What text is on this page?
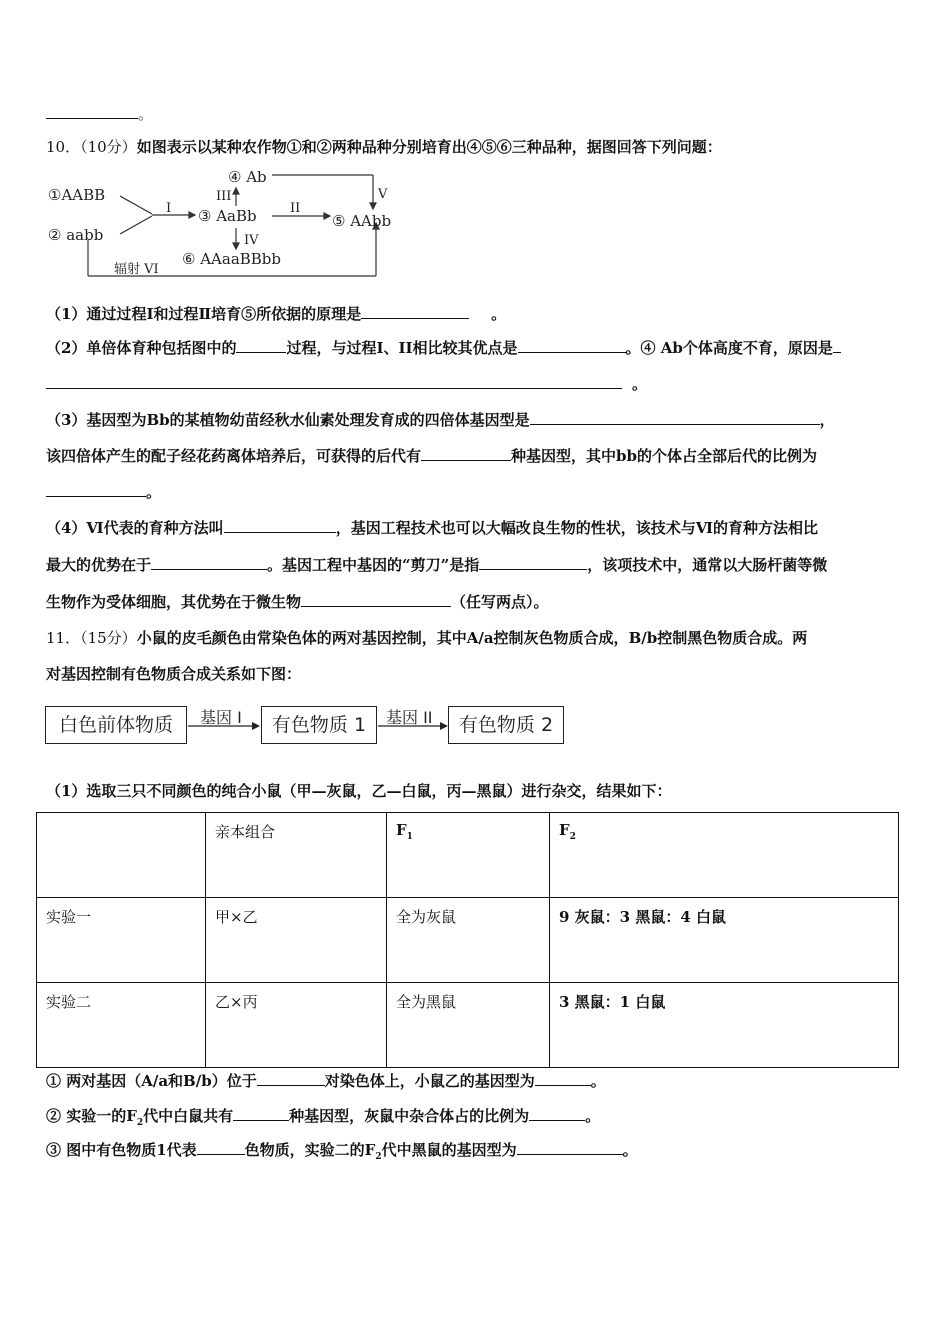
。
10．（10分）如图表示以某种农作物①和②两种品种分别培育出④⑤⑥三种品种，据图回答下列问题：
①AABB
② aabb
③ AaBb
④ Ab
⑤ AAbb
⑥ AAaaBBbb
I	II
III
IV
V
辐射 VI
（1）通过过程Ⅰ和过程Ⅱ培育⑤所依据的原理是	。
（2）单倍体育种包括图中的	过程，与过程I、II相比较其优点是	。④ Ab个体高度不育，原因是
。
（3）基因型为Bb的某植物幼苗经秋水仙素处理发育成的四倍体基因型是	，
该四倍体产生的配子经花药离体培养后，可获得的后代有	种基因型，其中bb的个体占全部后代的比例为
。
（4）Ⅵ代表的育种方法叫	，基因工程技术也可以大幅改良生物的性状，该技术与Ⅵ的育种方法相比
最大的优势在于	。基因工程中基因的“剪刀”是指	，该项技术中，通常以大肠杆菌等微
生物作为受体细胞，其优势在于微生物	（任写两点）。
11．（15分）小鼠的皮毛颜色由常染色体的两对基因控制，其中A/a控制灰色物质合成，B/b控制黑色物质合成。两
对基因控制有色物质合成关系如下图：
白色前体物质	基因 I	有色物质 1	基因 II	有色物质 2
（1）选取三只不同颜色的纯合小鼠（甲—灰鼠，乙—白鼠，丙—黑鼠）进行杂交，结果如下：
	亲本组合	$F_1$	$F_2$
实验一	甲×乙	全为灰鼠	9 灰鼠：3 黑鼠：4 白鼠
实验二	乙×丙	全为黑鼠	3 黑鼠：1 白鼠
① 两对基因（A/a和B/b）位于	对染色体上，小鼠乙的基因型为	。
② 实验一的$F_2$代中白鼠共有	种基因型，灰鼠中杂合体占的比例为	。
③ 图中有色物质1代表	色物质，实验二的$F_2$代中黑鼠的基因型为	。
